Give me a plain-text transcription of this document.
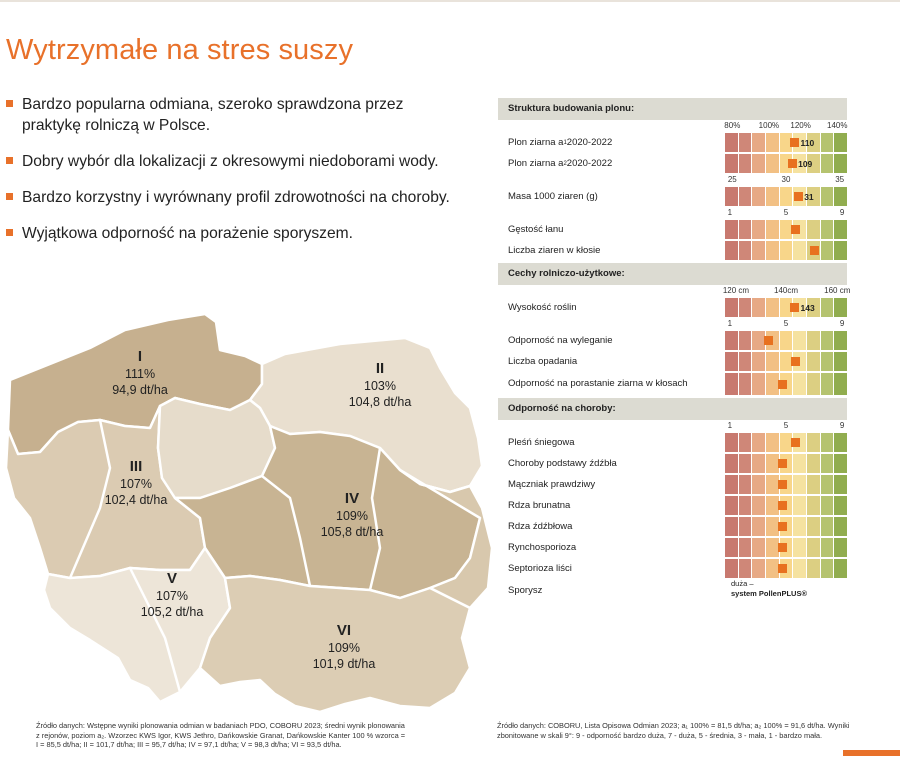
Wytrzymałe na stres suszy
Bardzo popularna odmiana, szeroko sprawdzona przez praktykę rolniczą w Polsce.
Dobry wybór dla lokalizacji z okresowymi niedoborami wody.
Bardzo korzystny i wyrównany profil zdrowotności na choroby.
Wyjątkowa odporność na porażenie sporyszem.
I
111%
94,9 dt/ha
II
103%
104,8 dt/ha
III
107%
102,4 dt/ha	IV
109%
105,8 dt/ha
V
107%
105,2 dt/ha
VI
109%
101,9 dt/ha
Struktura budowania plonu:
80% 100% 120% 140%
Plon ziarna a 1 2020-2022	110
Plon ziarna a 2 2020-2022	109
25	30	35
Masa 1000 ziaren (g)	31
1	5	9
Gęstość łanu
Liczba ziaren w kłosie
Cechy rolniczo-użytkowe:
120 cm	140cm	160 cm
Wysokość roślin	143
1	5	9
Odporność na wyleganie
Liczba opadania
Odporność na porastanie ziarna w kłosach
Odporność na choroby:
1	5	9
Pleśń śniegowa
Choroby podstawy źdźbła
Mączniak prawdziwy
Rdza brunatna
Rdza źdźbłowa
Rynchosporioza
Septorioza liści
Sporysz
duża –
system PollenPLUS®
Źródło danych: Wstępne wyniki plonowania odmian w badaniach PDO, COBORU 2023; średni wynik plonowania z rejonów, poziom a₂. Wzorzec KWS Igor, KWS Jethro, Dańkowskie Granat, Dańkowskie Kanter 100 % wzorca = I = 85,5 dt/ha; II = 101,7 dt/ha; III = 95,7 dt/ha; IV = 97,1 dt/ha; V = 98,3 dt/ha; VI = 93,5 dt/ha.
Źródło danych: COBORU, Lista Opisowa Odmian 2023; a₁ 100% = 81,5 dt/ha; a₂ 100% = 91,6 dt/ha. Wyniki zbonitowane w skali 9°: 9 - odporność bardzo duża, 7 - duża, 5 - średnia, 3 - mała, 1 - bardzo mała.
